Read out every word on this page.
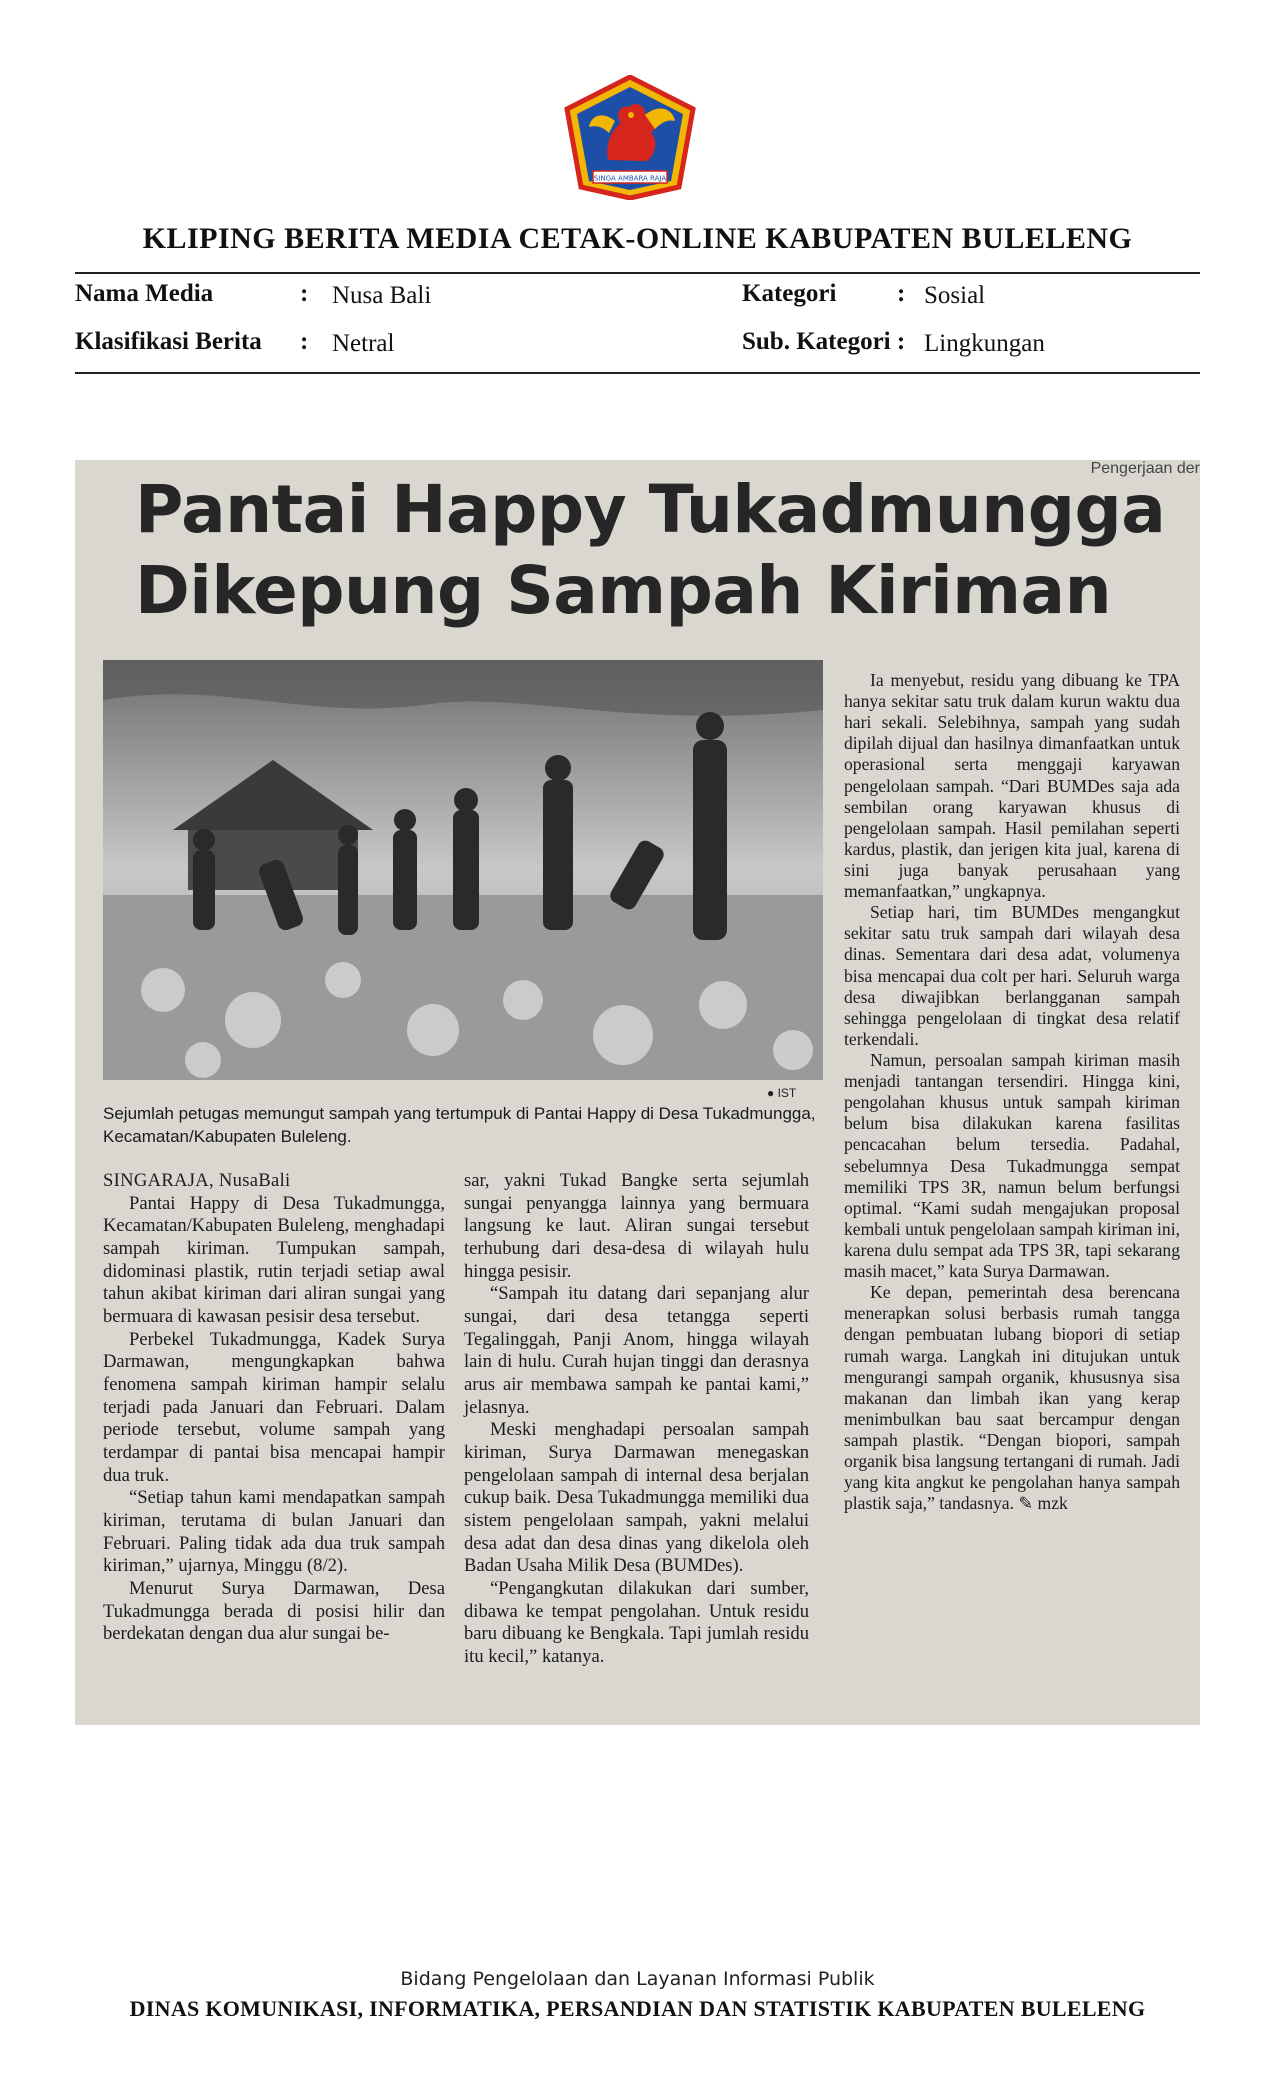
SINGA AMBARA RAJA
KLIPING BERITA MEDIA CETAK-ONLINE KABUPATEN BULELENG
Nama Media	: Nusa Bali
Klasifikasi Berita : Netral
Kategori : Sosial
Sub. Kategori : Lingkungan
Pengerjaan der
Pantai Happy Tukadmungga
Dikepung Sampah Kiriman
● IST
Sejumlah petugas memungut sampah yang tertumpuk di Pantai Happy di Desa Tukadmungga, Kecamatan/Kabupaten Buleleng.

SINGARAJA, NusaBali

Pantai Happy di Desa Tukadmungga, Kecamatan/Kabupaten Buleleng, menghadapi sampah kiriman. Tumpukan sampah, didominasi plastik, rutin terjadi setiap awal tahun akibat kiriman dari aliran sungai yang bermuara di kawasan pesisir desa tersebut.

Perbekel Tukadmungga, Kadek Surya Darmawan, mengungkapkan bahwa fenomena sampah kiriman hampir selalu terjadi pada Januari dan Februari. Dalam periode tersebut, volume sampah yang terdampar di pantai bisa mencapai hampir dua truk.

“Setiap tahun kami mendapatkan sampah kiriman, terutama di bulan Januari dan Februari. Paling tidak ada dua truk sampah kiriman,” ujarnya, Minggu (8/2).

Menurut Surya Darmawan, Desa Tukadmungga berada di posisi hilir dan berdekatan dengan dua alur sungai be-

sar, yakni Tukad Bangke serta sejumlah sungai penyangga lainnya yang bermuara langsung ke laut. Aliran sungai tersebut terhubung dari desa-desa di wilayah hulu hingga pesisir.

“Sampah itu datang dari sepanjang alur sungai, dari desa tetangga seperti Tegalinggah, Panji Anom, hingga wilayah lain di hulu. Curah hujan tinggi dan derasnya arus air membawa sampah ke pantai kami,” jelasnya.

Meski menghadapi persoalan sampah kiriman, Surya Darmawan menegaskan pengelolaan sampah di internal desa berjalan cukup baik. Desa Tukadmungga memiliki dua sistem pengelolaan sampah, yakni melalui desa adat dan desa dinas yang dikelola oleh Badan Usaha Milik Desa (BUMDes).

“Pengangkutan dilakukan dari sumber, dibawa ke tempat pengolahan. Untuk residu baru dibuang ke Bengkala. Tapi jumlah residu itu kecil,” katanya.

Ia menyebut, residu yang dibuang ke TPA hanya sekitar satu truk dalam kurun waktu dua hari sekali. Selebihnya, sampah yang sudah dipilah dijual dan hasilnya dimanfaatkan untuk operasional serta menggaji karyawan pengelolaan sampah. “Dari BUMDes saja ada sembilan orang karyawan khusus di pengelolaan sampah. Hasil pemilahan seperti kardus, plastik, dan jerigen kita jual, karena di sini juga banyak perusahaan yang memanfaatkan,” ungkapnya.

Setiap hari, tim BUMDes mengangkut sekitar satu truk sampah dari wilayah desa dinas. Sementara dari desa adat, volumenya bisa mencapai dua colt per hari. Seluruh warga desa diwajibkan berlangganan sampah sehingga pengelolaan di tingkat desa relatif terkendali.

Namun, persoalan sampah kiriman masih menjadi tantangan tersendiri. Hingga kini, pengolahan khusus untuk sampah kiriman belum bisa dilakukan karena fasilitas pencacahan belum tersedia. Padahal, sebelumnya Desa Tukadmungga sempat memiliki TPS 3R, namun belum berfungsi optimal. “Kami sudah mengajukan proposal kembali untuk pengelolaan sampah kiriman ini, karena dulu sempat ada TPS 3R, tapi sekarang masih macet,” kata Surya Darmawan.

Ke depan, pemerintah desa berencana menerapkan solusi berbasis rumah tangga dengan pembuatan lubang biopori di setiap rumah warga. Langkah ini ditujukan untuk mengurangi sampah organik, khususnya sisa makanan dan limbah ikan yang kerap menimbulkan bau saat bercampur dengan sampah plastik. “Dengan biopori, sampah organik bisa langsung tertangani di rumah. Jadi yang kita angkut ke pengolahan hanya sampah plastik saja,” tandasnya. ✎ mzk

Bidang Pengelolaan dan Layanan Informasi Publik
DINAS KOMUNIKASI, INFORMATIKA, PERSANDIAN DAN STATISTIK KABUPATEN BULELENG
